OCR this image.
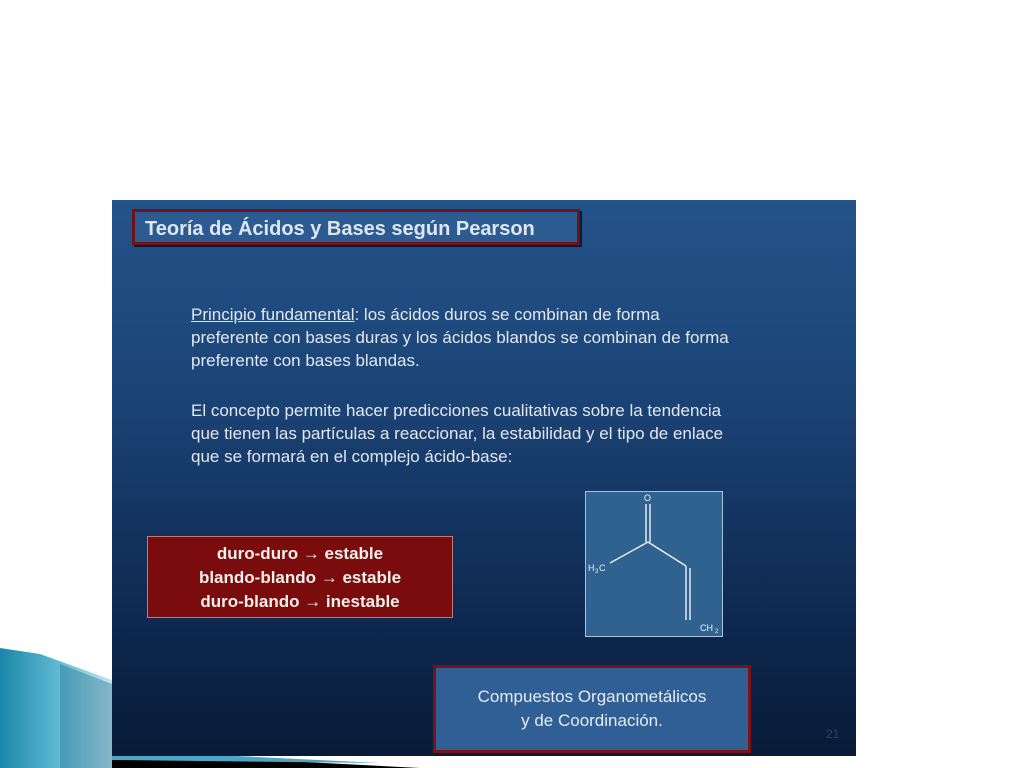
Teoría de Ácidos y Bases según Pearson

Principio fundamental: los ácidos duros se combinan de forma
preferente con bases duras y los ácidos blandos se combinan de forma
preferente con bases blandas.

El concepto permite hacer predicciones cualitativas sobre la tendencia
que tienen las partículas a reaccionar, la estabilidad y el tipo de enlace
que se formará en el complejo ácido-base:

duro-duro → estable
blando-blando → estable
duro-blando → inestable
O
H 3 C
CH 2
Compuestos Organometálicos
y de Coordinación.
21
